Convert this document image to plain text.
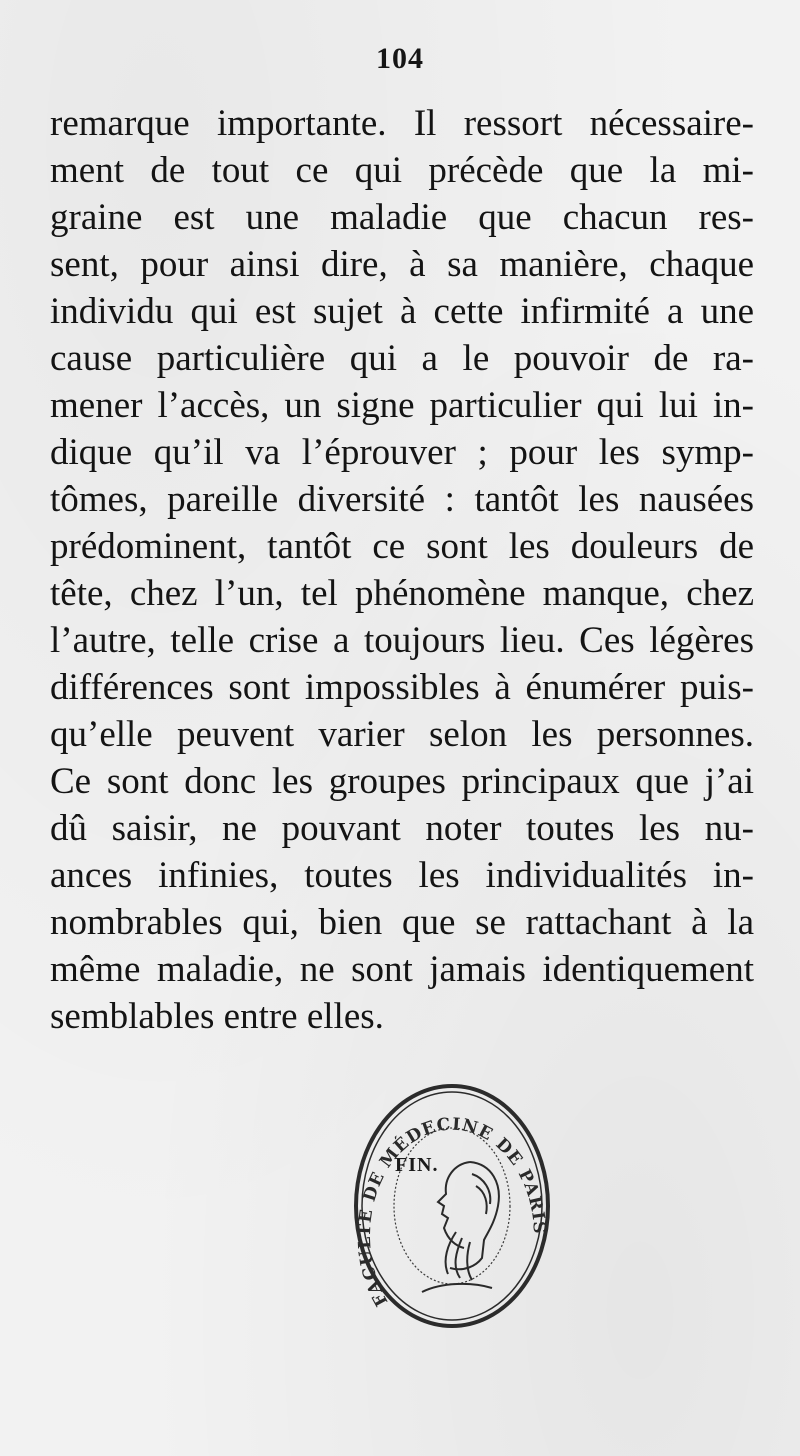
104
remarque importante. Il ressort nécessaire-
ment de tout ce qui précède que la mi-
graine est une maladie que chacun res-
sent, pour ainsi dire, à sa manière, chaque
individu qui est sujet à cette infirmité a une
cause particulière qui a le pouvoir de ra-
mener l’accès, un signe particulier qui lui in-
dique qu’il va l’éprouver ; pour les symp-
tômes, pareille diversité : tantôt les nausées
prédominent, tantôt ce sont les douleurs de
tête, chez l’un, tel phénomène manque, chez
l’autre, telle crise a toujours lieu. Ces légères
différences sont impossibles à énumérer puis-
qu’elle peuvent varier selon les personnes.
Ce sont donc les groupes principaux que j’ai
dû saisir, ne pouvant noter toutes les nu-
ances infinies, toutes les individualités in-
nombrables qui, bien que se rattachant à la
même maladie, ne sont jamais identiquement
semblables entre elles.
FACULTÉ DE MÉDECINE DE PARIS
FIN.
